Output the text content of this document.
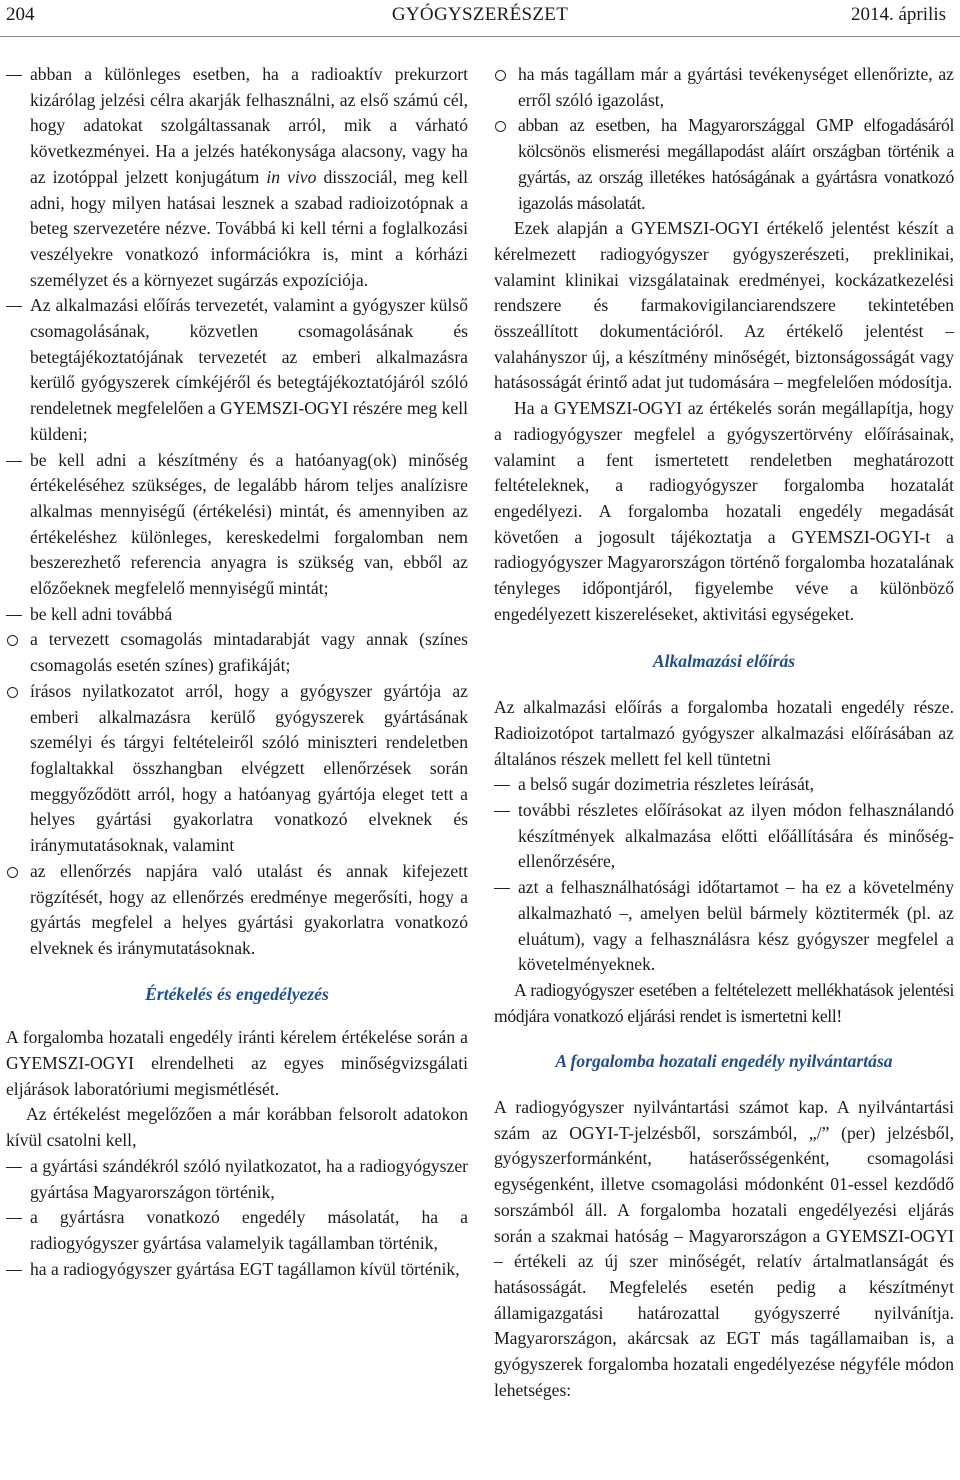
204	GYÓGYSZERÉSZET	2014. április
abban a különleges esetben, ha a radioaktív prekurzort kizárólag jelzési célra akarják felhasználni, az első számú cél, hogy adatokat szolgáltassanak arról, mik a várható következményei. Ha a jelzés hatékonysága alacsony, vagy ha az izotóppal jelzett konjugátum in vivo disszociál, meg kell adni, hogy milyen hatásai lesznek a szabad radioizotópnak a beteg szervezetére nézve. Továbbá ki kell térni a foglalkozási veszélyekre vonatkozó információkra is, mint a kórházi személyzet és a környezet sugárzás expozíciója.
Az alkalmazási előírás tervezetét, valamint a gyógyszer külső csomagolásának, közvetlen csomagolásának és betegtájékoztatójának tervezetét az emberi alkalmazásra kerülő gyógyszerek címkéjéről és betegtájékoztatójáról szóló rendeletnek megfelelően a GYEMSZI-OGYI részére meg kell küldeni;
be kell adni a készítmény és a hatóanyag(ok) minőség értékeléséhez szükséges, de legalább három teljes analízisre alkalmas mennyiségű (értékelési) mintát, és amennyiben az értékeléshez különleges, kereskedelmi forgalomban nem beszerezhető referencia anyagra is szükség van, ebből az előzőeknek megfelelő mennyiségű mintát;
be kell adni továbbá
a tervezett csomagolás mintadarabját vagy annak (színes csomagolás esetén színes) grafikáját;
írásos nyilatkozatot arról, hogy a gyógyszer gyártója az emberi alkalmazásra kerülő gyógyszerek gyártásának személyi és tárgyi feltételeiről szóló miniszteri rendeletben foglaltakkal összhangban elvégzett ellenőrzések során meggyőződött arról, hogy a hatóanyag gyártója eleget tett a helyes gyártási gyakorlatra vonatkozó elveknek és iránymutatásoknak, valamint
az ellenőrzés napjára való utalást és annak kifejezett rögzítését, hogy az ellenőrzés eredménye megerősíti, hogy a gyártás megfelel a helyes gyártási gyakorlatra vonatkozó elveknek és iránymutatásoknak.

Értékelés és engedélyezés

A forgalomba hozatali engedély iránti kérelem értékelése során a GYEMSZI-OGYI elrendelheti az egyes minőségvizsgálati eljárások laboratóriumi megismétlését.

Az értékelést megelőzően a már korábban felsorolt adatokon kívül csatolni kell,

a gyártási szándékról szóló nyilatkozatot, ha a radiogyógyszer gyártása Magyarországon történik,
a gyártásra vonatkozó engedély másolatát, ha a radiogyógyszer gyártása valamelyik tagállamban történik,
ha a radiogyógyszer gyártása EGT tagállamon kívül történik,
ha más tagállam már a gyártási tevékenységet ellenőrizte, az erről szóló igazolást,
abban az esetben, ha Magyarországgal GMP elfogadásáról kölcsönös elismerési megállapodást aláírt országban történik a gyártás, az ország illetékes hatóságának a gyártásra vonatkozó igazolás másolatát.

Ezek alapján a GYEMSZI-OGYI értékelő jelentést készít a kérelmezett radiogyógyszer gyógyszerészeti, preklinikai, valamint klinikai vizsgálatainak eredményei, kockázatkezelési rendszere és farmakovigilanciarendszere tekintetében összeállított dokumentációról. Az értékelő jelentést – valahányszor új, a készítmény minőségét, biztonságosságát vagy hatásosságát érintő adat jut tudomására – megfelelően módosítja.

Ha a GYEMSZI-OGYI az értékelés során megállapítja, hogy a radiogyógyszer megfelel a gyógyszertörvény előírásainak, valamint a fent ismertetett rendeletben meghatározott feltételeknek, a radiogyógyszer forgalomba hozatalát engedélyezi. A forgalomba hozatali engedély megadását követően a jogosult tájékoztatja a GYEMSZI-OGYI-t a radiogyógyszer Magyarországon történő forgalomba hozatalának tényleges időpontjáról, figyelembe véve a különböző engedélyezett kiszereléseket, aktivitási egységeket.

Alkalmazási előírás

Az alkalmazási előírás a forgalomba hozatali engedély része. Radioizotópot tartalmazó gyógyszer alkalmazási előírásában az általános részek mellett fel kell tüntetni

a belső sugár dozimetria részletes leírását,
további részletes előírásokat az ilyen módon felhasználandó készítmények alkalmazása előtti előállítására és minőség-ellenőrzésére,
azt a felhasználhatósági időtartamot – ha ez a követelmény alkalmazható –, amelyen belül bármely köztitermék (pl. az eluátum), vagy a felhasználásra kész gyógyszer megfelel a követelményeknek.

A radiogyógyszer esetében a feltételezett mellékhatások jelentési módjára vonatkozó eljárási rendet is ismertetni kell!

A forgalomba hozatali engedély nyilvántartása

A radiogyógyszer nyilvántartási számot kap. A nyilvántartási szám az OGYI-T-jelzésből, sorszámból, „/” (per) jelzésből, gyógyszerformánként, hatáserősségenként, csomagolási egységenként, illetve csomagolási módonként 01-essel kezdődő sorszámból áll. A forgalomba hozatali engedélyezési eljárás során a szakmai hatóság – Magyarországon a GYEMSZI-OGYI – értékeli az új szer minőségét, relatív ártalmatlanságát és hatásosságát. Megfelelés esetén pedig a készítményt államigazgatási határozattal gyógyszerré nyilvánítja. Magyarországon, akárcsak az EGT más tagállamaiban is, a gyógyszerek forgalomba hozatali engedélyezése négyféle módon lehetséges:
